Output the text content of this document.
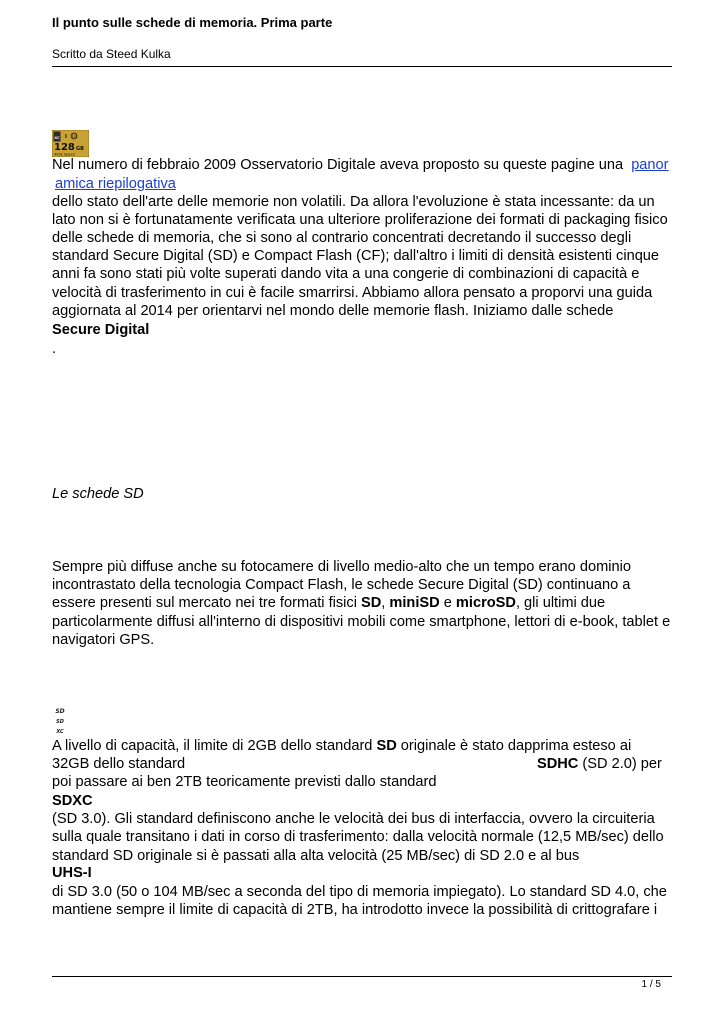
Il punto sulle schede di memoria. Prima parte
Scritto da Steed Kulka
XC I 10
128 GB
400x Speed
Nel numero di febbraio 2009 Osservatorio Digitale aveva proposto su queste pagine una panor
amica riepilogativa
dello stato dell'arte delle memorie non volatili. Da allora l'evoluzione è stata incessante: da un
lato non si è fortunatamente verificata una ulteriore proliferazione dei formati di packaging fisico
delle schede di memoria, che si sono al contrario concentrati decretando il successo degli
standard Secure Digital (SD) e Compact Flash (CF); dall'altro i limiti di densità esistenti cinque
anni fa sono stati più volte superati dando vita a una congerie di combinazioni di capacità e
velocità di trasferimento in cui è facile smarrirsi. Abbiamo allora pensato a proporvi una guida
aggiornata al 2014 per orientarvi nel mondo delle memorie flash. Iniziamo dalle schede
Secure Digital
.
Le schede SD
Sempre più diffuse anche su fotocamere di livello medio-alto che un tempo erano dominio
incontrastato della tecnologia Compact Flash, le schede Secure Digital (SD) continuano a
essere presenti sul mercato nei tre formati fisici SD, miniSD e microSD, gli ultimi due
particolarmente diffusi all'interno di dispositivi mobili come smartphone, lettori di e-book, tablet e
navigatori GPS.
SD
SD
XC
A livello di capacità, il limite di 2GB dello standard SD originale è stato dapprima esteso ai
32GB dello standard	SDHC (SD 2.0) per
poi passare ai ben 2TB teoricamente previsti dallo standard
SDXC
(SD 3.0). Gli standard definiscono anche le velocità dei bus di interfaccia, ovvero la circuiteria
sulla quale transitano i dati in corso di trasferimento: dalla velocità normale (12,5 MB/sec) dello
standard SD originale si è passati alla alta velocità (25 MB/sec) di SD 2.0 e al bus
UHS-I
di SD 3.0 (50 o 104 MB/sec a seconda del tipo di memoria impiegato). Lo standard SD 4.0, che
mantiene sempre il limite di capacità di 2TB, ha introdotto invece la possibilità di crittografare i
1 / 5
